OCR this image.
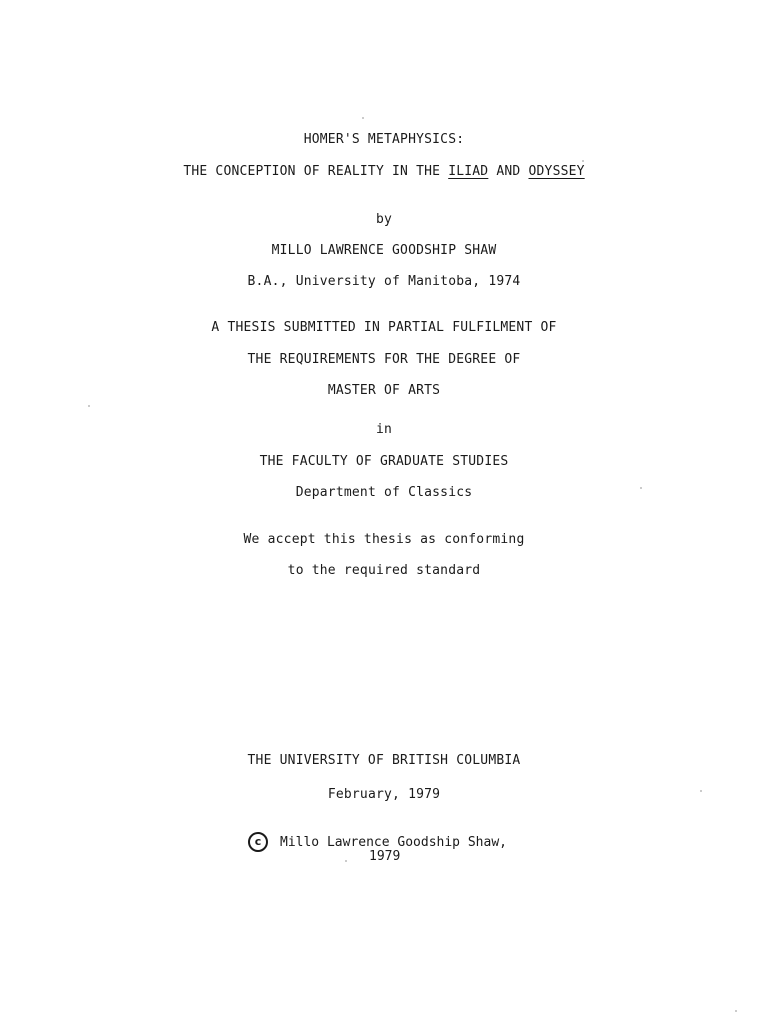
HOMER'S METAPHYSICS:
THE CONCEPTION OF REALITY IN THE ILIAD AND ODYSSEY
by
MILLO LAWRENCE GOODSHIP SHAW
B.A., University of Manitoba, 1974
A THESIS SUBMITTED IN PARTIAL FULFILMENT OF
THE REQUIREMENTS FOR THE DEGREE OF
MASTER OF ARTS
in
THE FACULTY OF GRADUATE STUDIES
Department of Classics
We accept this thesis as conforming
to the required standard
THE UNIVERSITY OF BRITISH COLUMBIA
February, 1979
c	Millo Lawrence Goodship Shaw,
1979
